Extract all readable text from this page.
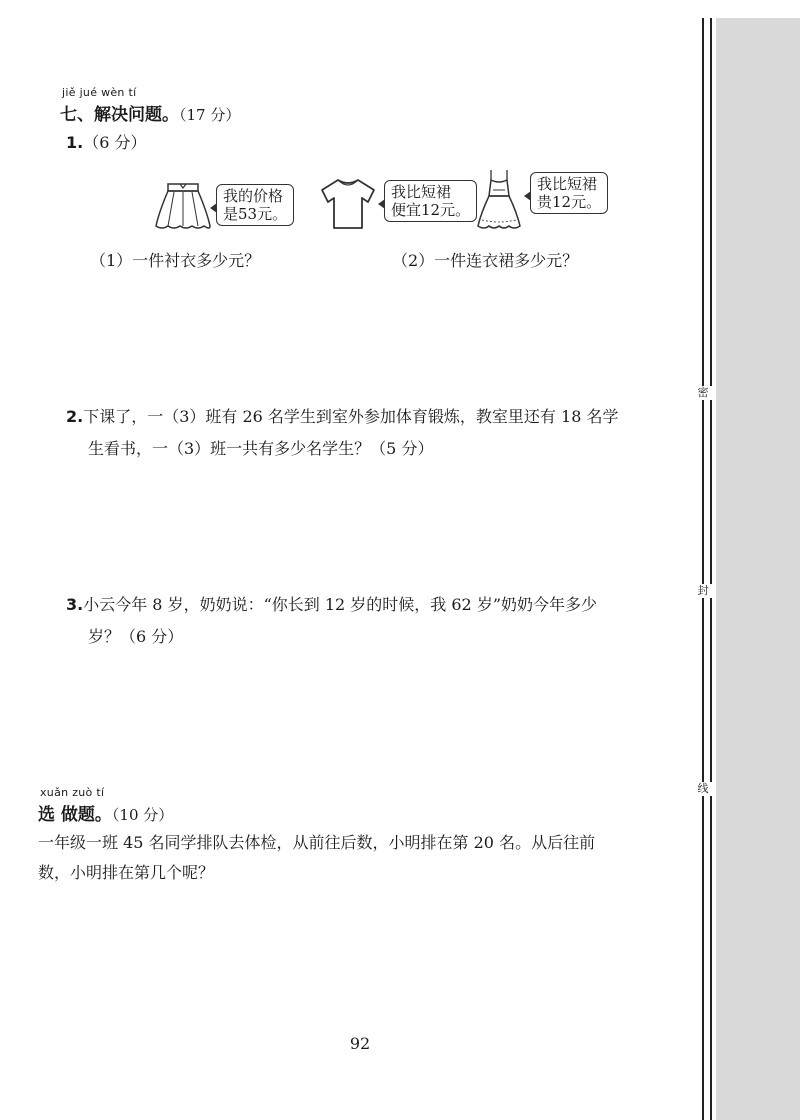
密
封
线
jiě jué wèn tí
七、解决问题。（17 分）
1.（6 分）
我的价格
是53元。
我比短裙
便宜12元。
我比短裙
贵12元。
（1）一件衬衣多少元？	（2）一件连衣裙多少元？
2.下课了，一（3）班有 26 名学生到室外参加体育锻炼，教室里还有 18 名学
生看书，一（3）班一共有多少名学生？（5 分）
3.小云今年 8 岁，奶奶说：“你长到 12 岁的时候，我 62 岁”奶奶今年多少
岁？（6 分）
xuǎn zuò tí
选 做题。（10 分）
一年级一班 45 名同学排队去体检，从前往后数，小明排在第 20 名。从后往前
数，小明排在第几个呢？
92
